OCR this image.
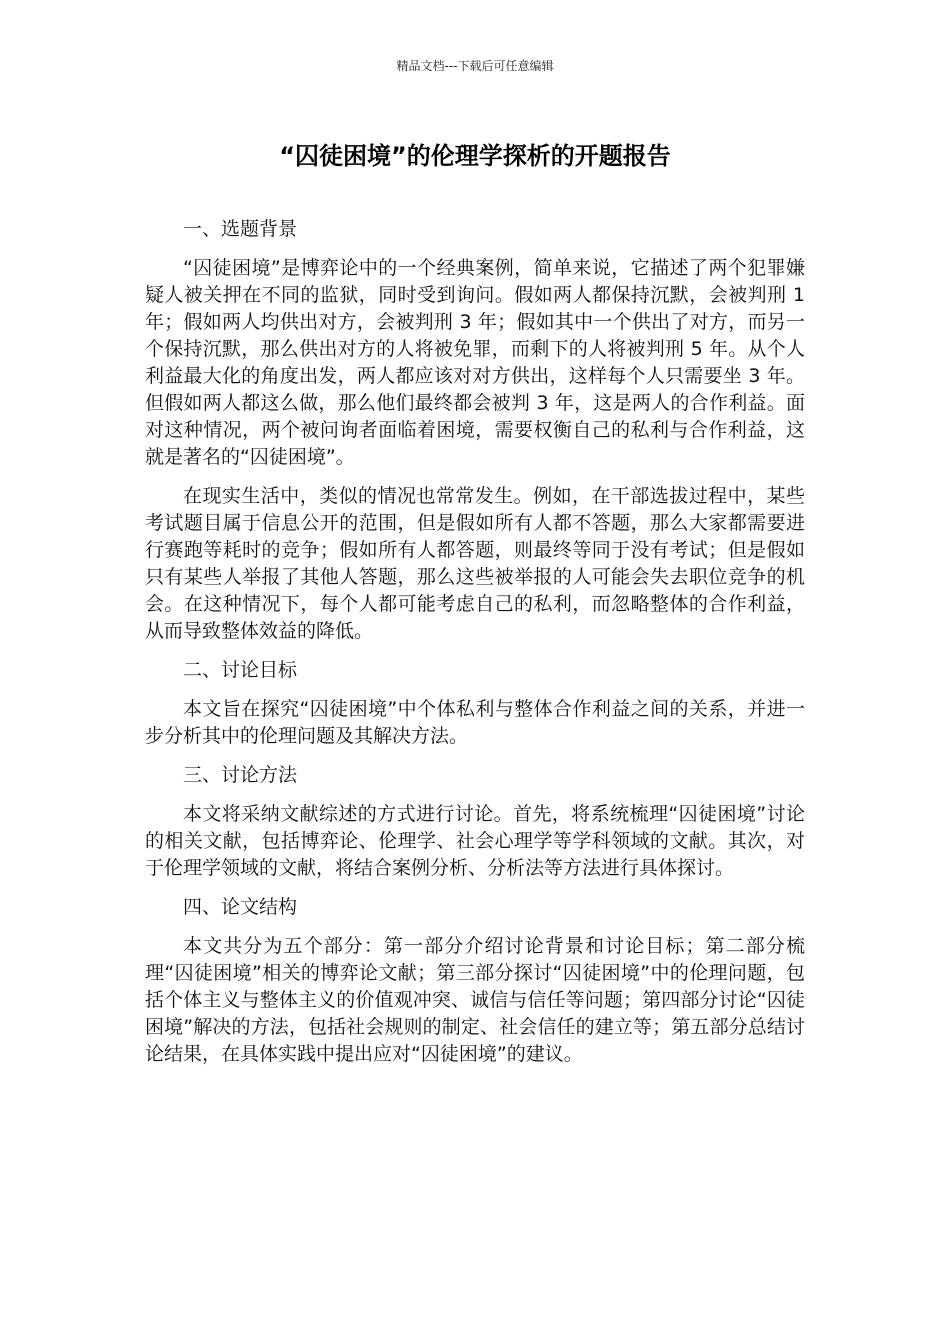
精品文档---下载后可任意编辑
“囚徒困境”的伦理学探析的开题报告

一、选题背景

“囚徒困境”是博弈论中的一个经典案例，简单来说，它描述了两个犯罪嫌疑人被关押在不同的监狱，同时受到询问。假如两人都保持沉默，会被判刑 1 年；假如两人均供出对方，会被判刑 3 年；假如其中一个供出了对方，而另一个保持沉默，那么供出对方的人将被免罪，而剩下的人将被判刑 5 年。从个人利益最大化的角度出发，两人都应该对对方供出，这样每个人只需要坐 3 年。但假如两人都这么做，那么他们最终都会被判 3 年，这是两人的合作利益。面对这种情况，两个被问询者面临着困境，需要权衡自己的私利与合作利益，这就是著名的“囚徒困境”。

在现实生活中，类似的情况也常常发生。例如，在干部选拔过程中，某些考试题目属于信息公开的范围，但是假如所有人都不答题，那么大家都需要进行赛跑等耗时的竞争；假如所有人都答题，则最终等同于没有考试；但是假如只有某些人举报了其他人答题，那么这些被举报的人可能会失去职位竞争的机会。在这种情况下，每个人都可能考虑自己的私利，而忽略整体的合作利益，从而导致整体效益的降低。

二、讨论目标

本文旨在探究“囚徒困境”中个体私利与整体合作利益之间的关系，并进一步分析其中的伦理问题及其解决方法。

三、讨论方法

本文将采纳文献综述的方式进行讨论。首先，将系统梳理“囚徒困境”讨论的相关文献，包括博弈论、伦理学、社会心理学等学科领域的文献。其次，对于伦理学领域的文献，将结合案例分析、分析法等方法进行具体探讨。

四、论文结构

本文共分为五个部分：第一部分介绍讨论背景和讨论目标；第二部分梳理“囚徒困境”相关的博弈论文献；第三部分探讨“囚徒困境”中的伦理问题，包括个体主义与整体主义的价值观冲突、诚信与信任等问题；第四部分讨论“囚徒困境”解决的方法，包括社会规则的制定、社会信任的建立等；第五部分总结讨论结果，在具体实践中提出应对“囚徒困境”的建议。
